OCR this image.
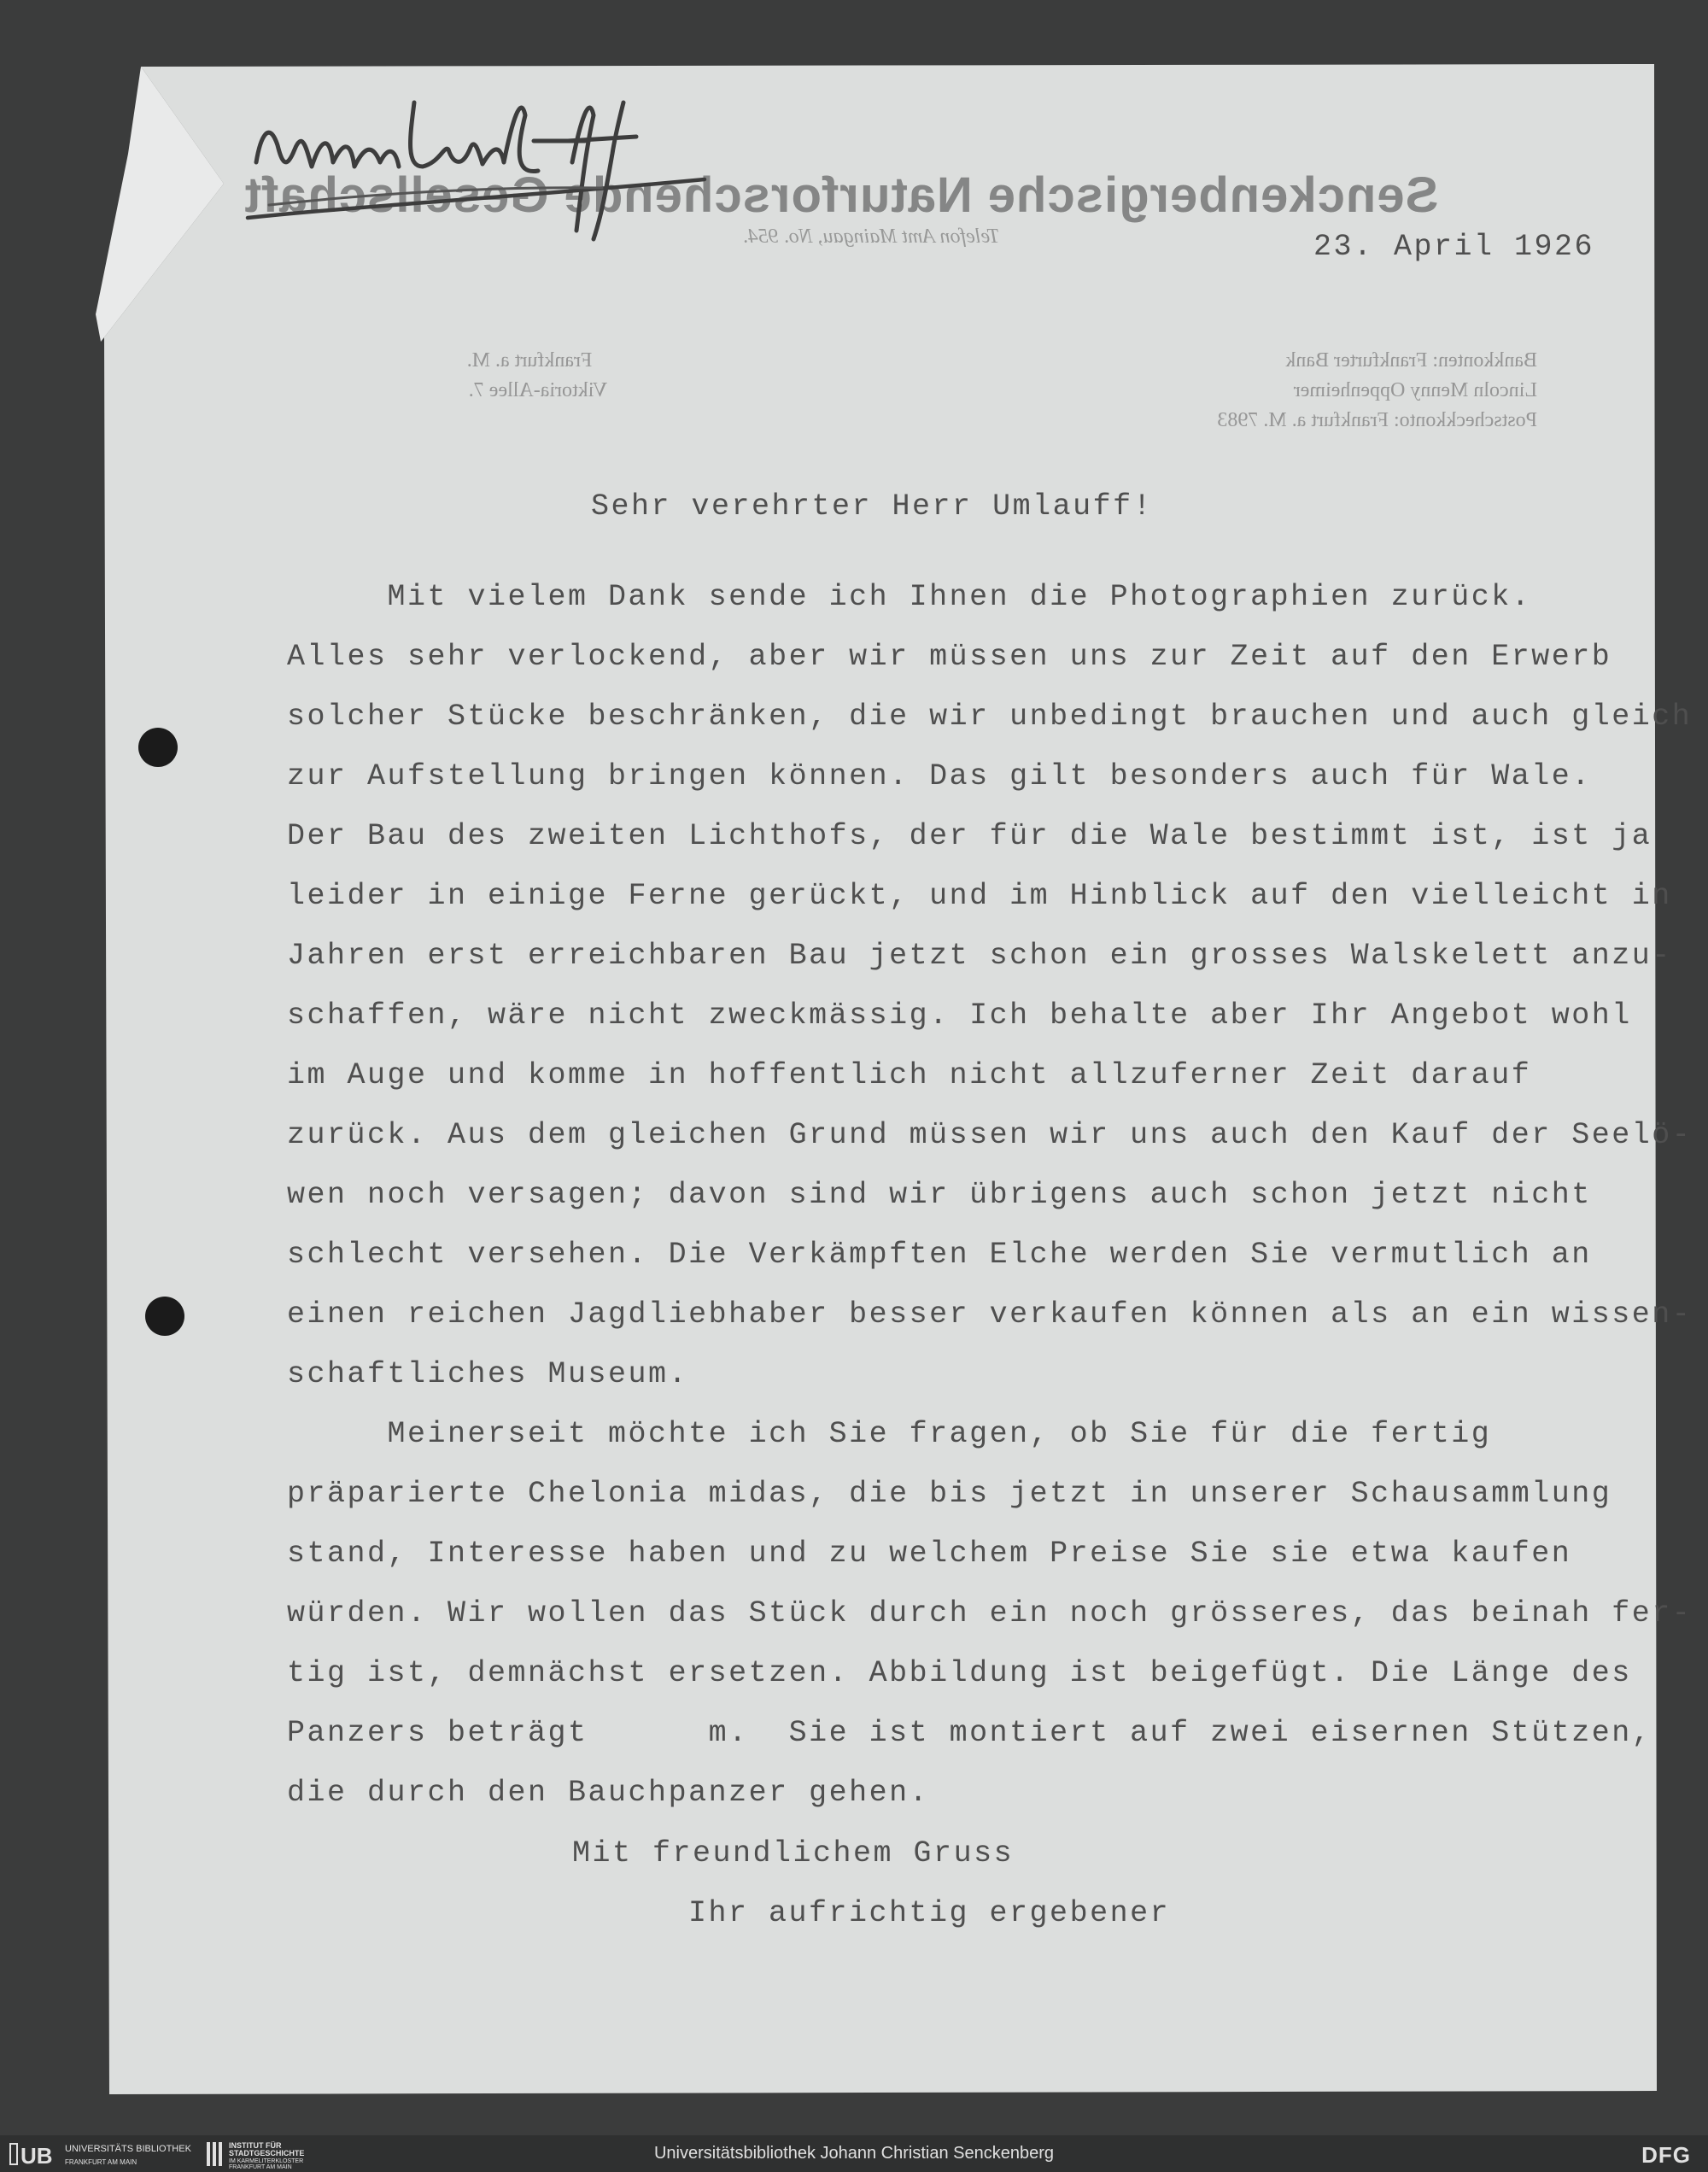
Senckenbergische Naturforschende Gesellschaft
Telefon Amt Maingau, No. 954.
Frankfurt a. M.
Viktoria-Allee 7.
Bankkonten: Frankfurter Bank
Lincoln Menny Oppenheimer
Postscheckkonto: Frankfurt a. M. 7983
23. April 1926
Sehr verehrter Herr Umlauff!
Mit vielem Dank sende ich Ihnen die Photographien zurück.
Alles sehr verlockend, aber wir müssen uns zur Zeit auf den Erwerb
solcher Stücke beschränken, die wir unbedingt brauchen und auch gleich
zur Aufstellung bringen können. Das gilt besonders auch für Wale.
Der Bau des zweiten Lichthofs, der für die Wale bestimmt ist, ist ja
leider in einige Ferne gerückt, und im Hinblick auf den vielleicht in
Jahren erst erreichbaren Bau jetzt schon ein grosses Walskelett anzu-
schaffen, wäre nicht zweckmässig. Ich behalte aber Ihr Angebot wohl
im Auge und komme in hoffentlich nicht allzuferner Zeit darauf
zurück. Aus dem gleichen Grund müssen wir uns auch den Kauf der Seelö-
wen noch versagen; davon sind wir übrigens auch schon jetzt nicht
schlecht versehen. Die Verkämpften Elche werden Sie vermutlich an
einen reichen Jagdliebhaber besser verkaufen können als an ein wissen-
schaftliches Museum.
Meinerseit möchte ich Sie fragen, ob Sie für die fertig
präparierte Chelonia midas, die bis jetzt in unserer Schausammlung
stand, Interesse haben und zu welchem Preise Sie sie etwa kaufen
würden. Wir wollen das Stück durch ein noch grösseres, das beinah fer-
tig ist, demnächst ersetzen. Abbildung ist beigefügt. Die Länge des
Panzers beträgt      m.  Sie ist montiert auf zwei eisernen Stützen,
die durch den Bauchpanzer gehen.
Mit freundlichem Gruss
Ihr aufrichtig ergebener
UB UNIVERSITÄTS BIBLIOTHEK
FRANKFURT AM MAIN
INSTITUT FÜR
STADTGESCHICHTE
IM KARMELITERKLOSTER
FRANKFURT AM MAIN
Universitätsbibliothek Johann Christian Senckenberg	DFG
